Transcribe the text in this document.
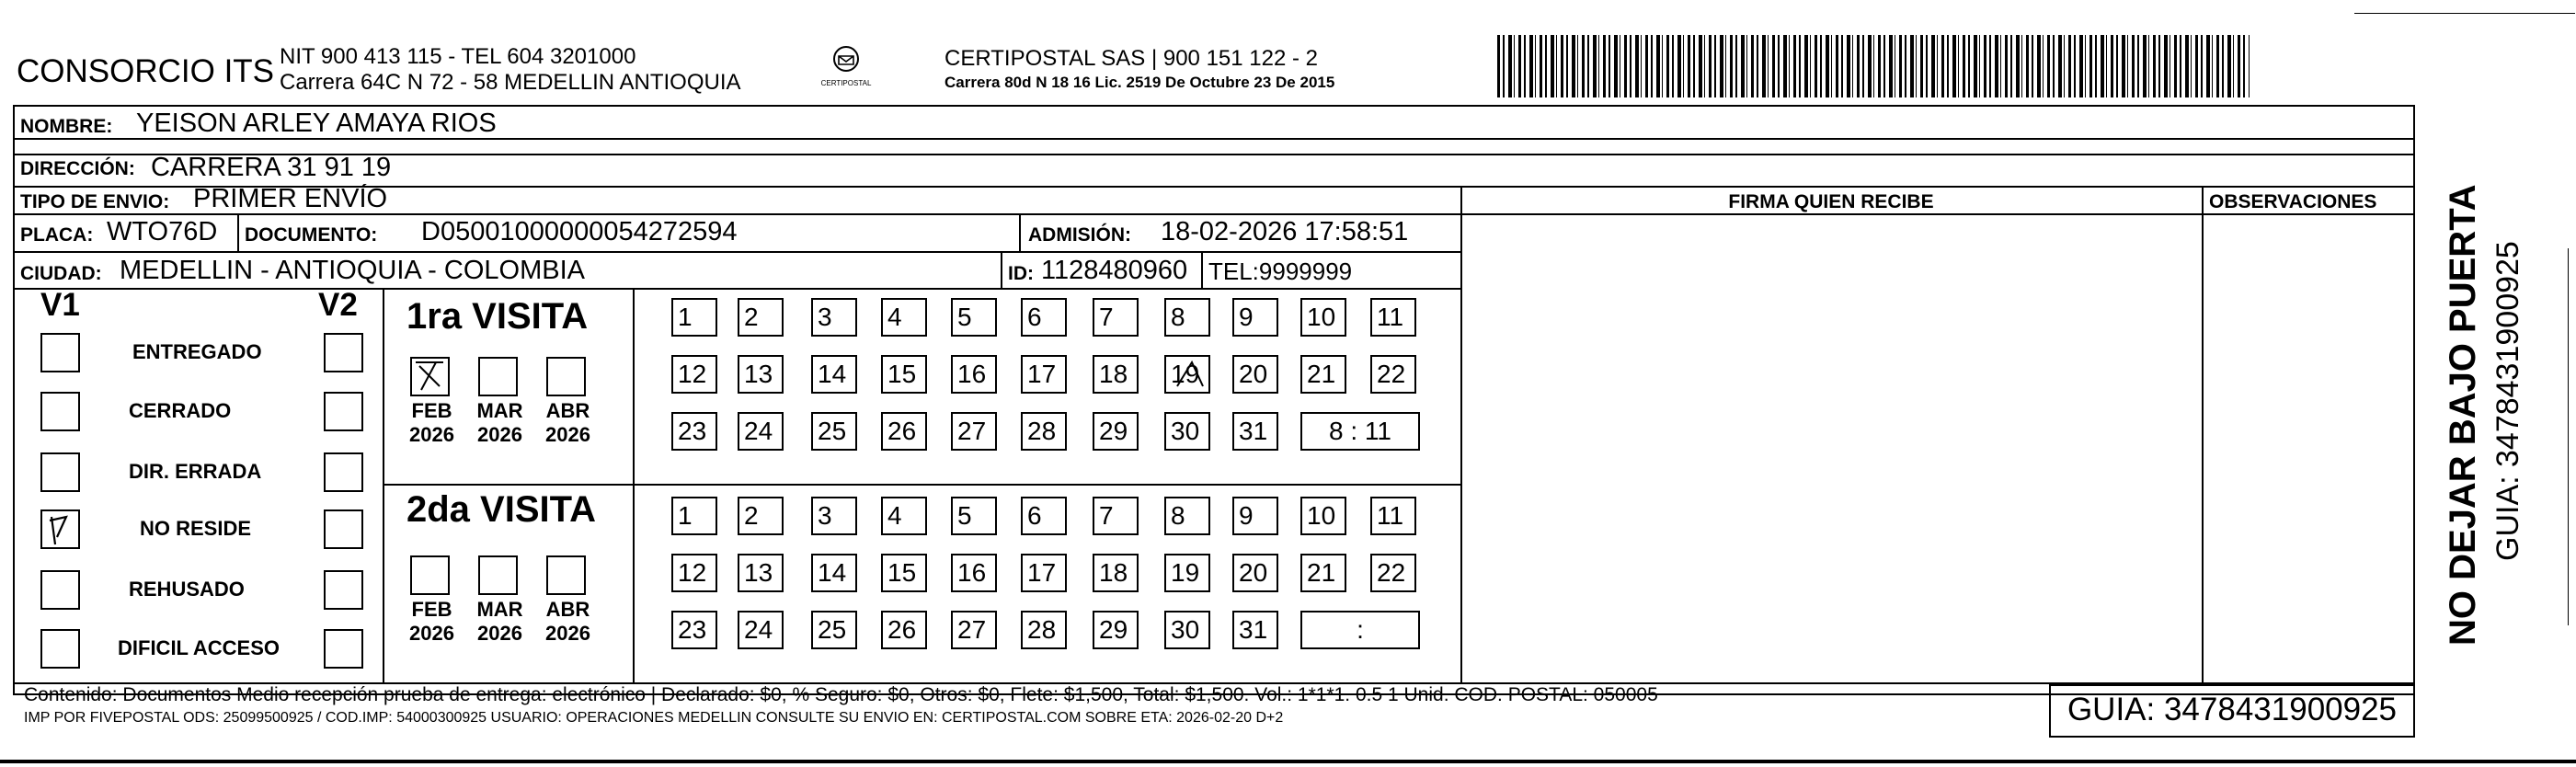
CONSORCIO ITS NIT 900 413 115 - TEL 604 3201000
Carrera 64C N 72 - 58 MEDELLIN ANTIOQUIA	CERTIPOSTAL
CERTIPOSTAL SAS | 900 151 122 - 2
Carrera 80d N 18 16 Lic. 2519 De Octubre 23 De 2015
NOMBRE: YEISON ARLEY AMAYA RIOS
DIRECCIÓN: CARRERA 31 91 19
TIPO DE ENVIO: PRIMER ENVÍO	FIRMA QUIEN RECIBE	OBSERVACIONES
PLACA: WTO76D DOCUMENTO: D05001000000054272594	ADMISIÓN: 18-02-2026 17:58:51
CIUDAD: MEDELLIN - ANTIOQUIA - COLOMBIA	ID: 1128480960 TEL:9999999
V1	V2
ENTREGADO
CERRADO
DIR. ERRADA
NO RESIDE
REHUSADO
DIFICIL ACCESO
1ra VISITA
2da VISITA
FEB
2026
MAR
2026
ABR
2026
1	2	3	4	5	6	7	8	9	10	11
12	13	14	15	16	17	18	19	20	21	22
23	24	25	26	27	28	29	30	31	8 : 11
FEB
2026
MAR
2026
ABR
2026
1	2	3	4	5	6	7	8	9	10	11
12	13	14	15	16	17	18	19	20	21	22
23	24	25	26	27	28	29	30	31	:
Contenido: Documentos Medio recepción prueba de entrega: electrónico | Declarado: $0, % Seguro: $0, Otros: $0, Flete: $1,500, Total: $1,500. Vol.: 1*1*1. 0.5 1 Unid. COD. POSTAL: 050005
IMP POR FIVEPOSTAL ODS: 25099500925 / COD.IMP: 54000300925 USUARIO: OPERACIONES MEDELLIN CONSULTE SU ENVIO EN: CERTIPOSTAL.COM SOBRE ETA: 2026-02-20 D+2	GUIA: 3478431900925
NO DEJAR BAJO PUERTA GUIA: 3478431900925
